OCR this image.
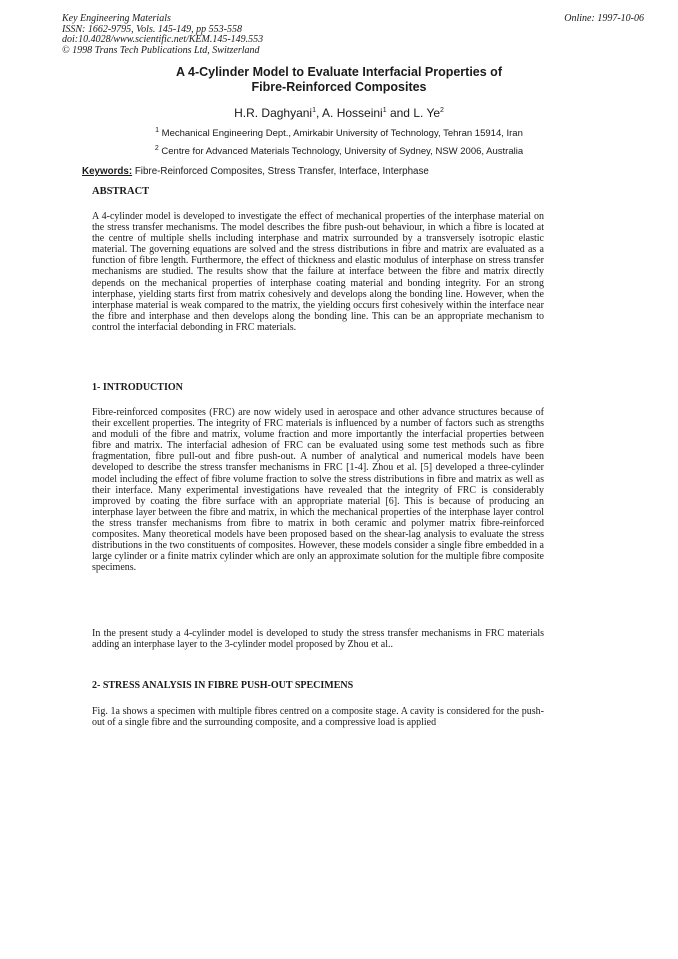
Key Engineering Materials
ISSN: 1662-9795, Vols. 145-149, pp 553-558
doi:10.4028/www.scientific.net/KEM.145-149.553
© 1998 Trans Tech Publications Ltd, Switzerland
Online: 1997-10-06
A 4-Cylinder Model to Evaluate Interfacial Properties of
Fibre-Reinforced Composites
H.R. Daghyani$^1$, A. Hosseini$^1$ and L. Ye$^2$
$^1$ Mechanical Engineering Dept., Amirkabir University of Technology, Tehran 15914, Iran
$^2$ Centre for Advanced Materials Technology, University of Sydney, NSW 2006, Australia
Keywords: Fibre-Reinforced Composites, Stress Transfer, Interface, Interphase
ABSTRACT

A 4-cylinder model is developed to investigate the effect of mechanical properties of the interphase material on the stress transfer mechanisms. The model describes the fibre push-out behaviour, in which a fibre is located at the centre of multiple shells including interphase and matrix surrounded by a transversely isotropic elastic material. The governing equations are solved and the stress distributions in fibre and matrix are evaluated as a function of fibre length. Furthermore, the effect of thickness and elastic modulus of interphase on stress transfer mechanisms are studied. The results show that the failure at interface between the fibre and matrix directly depends on the mechanical properties of interphase coating material and bonding integrity. For an strong interphase, yielding starts first from matrix cohesively and develops along the bonding line. However, when the interphase material is weak compared to the matrix, the yielding occurs first cohesively within the interface near the fibre and interphase and then develops along the bonding line. This can be an appropriate mechanism to control the interfacial debonding in FRC materials.

1- INTRODUCTION

Fibre-reinforced composites (FRC) are now widely used in aerospace and other advance structures because of their excellent properties. The integrity of FRC materials is influenced by a number of factors such as strengths and moduli of the fibre and matrix, volume fraction and more importantly the interfacial properties between fibre and matrix. The interfacial adhesion of FRC can be evaluated using some test methods such as fibre fragmentation, fibre pull-out and fibre push-out. A number of analytical and numerical models have been developed to describe the stress transfer mechanisms in FRC [1-4]. Zhou et al. [5] developed a three-cylinder model including the effect of fibre volume fraction to solve the stress distributions in fibre and matrix as well as their interface. Many experimental investigations have revealed that the integrity of FRC is considerably improved by coating the fibre surface with an appropriate material [6]. This is because of producing an interphase layer between the fibre and matrix, in which the mechanical properties of the interphase layer control the stress transfer mechanisms from fibre to matrix in both ceramic and polymer matrix fibre-reinforced composites. Many theoretical models have been proposed based on the shear-lag analysis to evaluate the stress distributions in the two constituents of composites. However, these models consider a single fibre embedded in a large cylinder or a finite matrix cylinder which are only an approximate solution for the multiple fibre composite specimens.

In the present study a 4-cylinder model is developed to study the stress transfer mechanisms in FRC materials adding an interphase layer to the 3-cylinder model proposed by Zhou et al..

2- STRESS ANALYSIS IN FIBRE PUSH-OUT SPECIMENS

Fig. 1a shows a specimen with multiple fibres centred on a composite stage. A cavity is considered for the push-out of a single fibre and the surrounding composite, and a compressive load is applied
